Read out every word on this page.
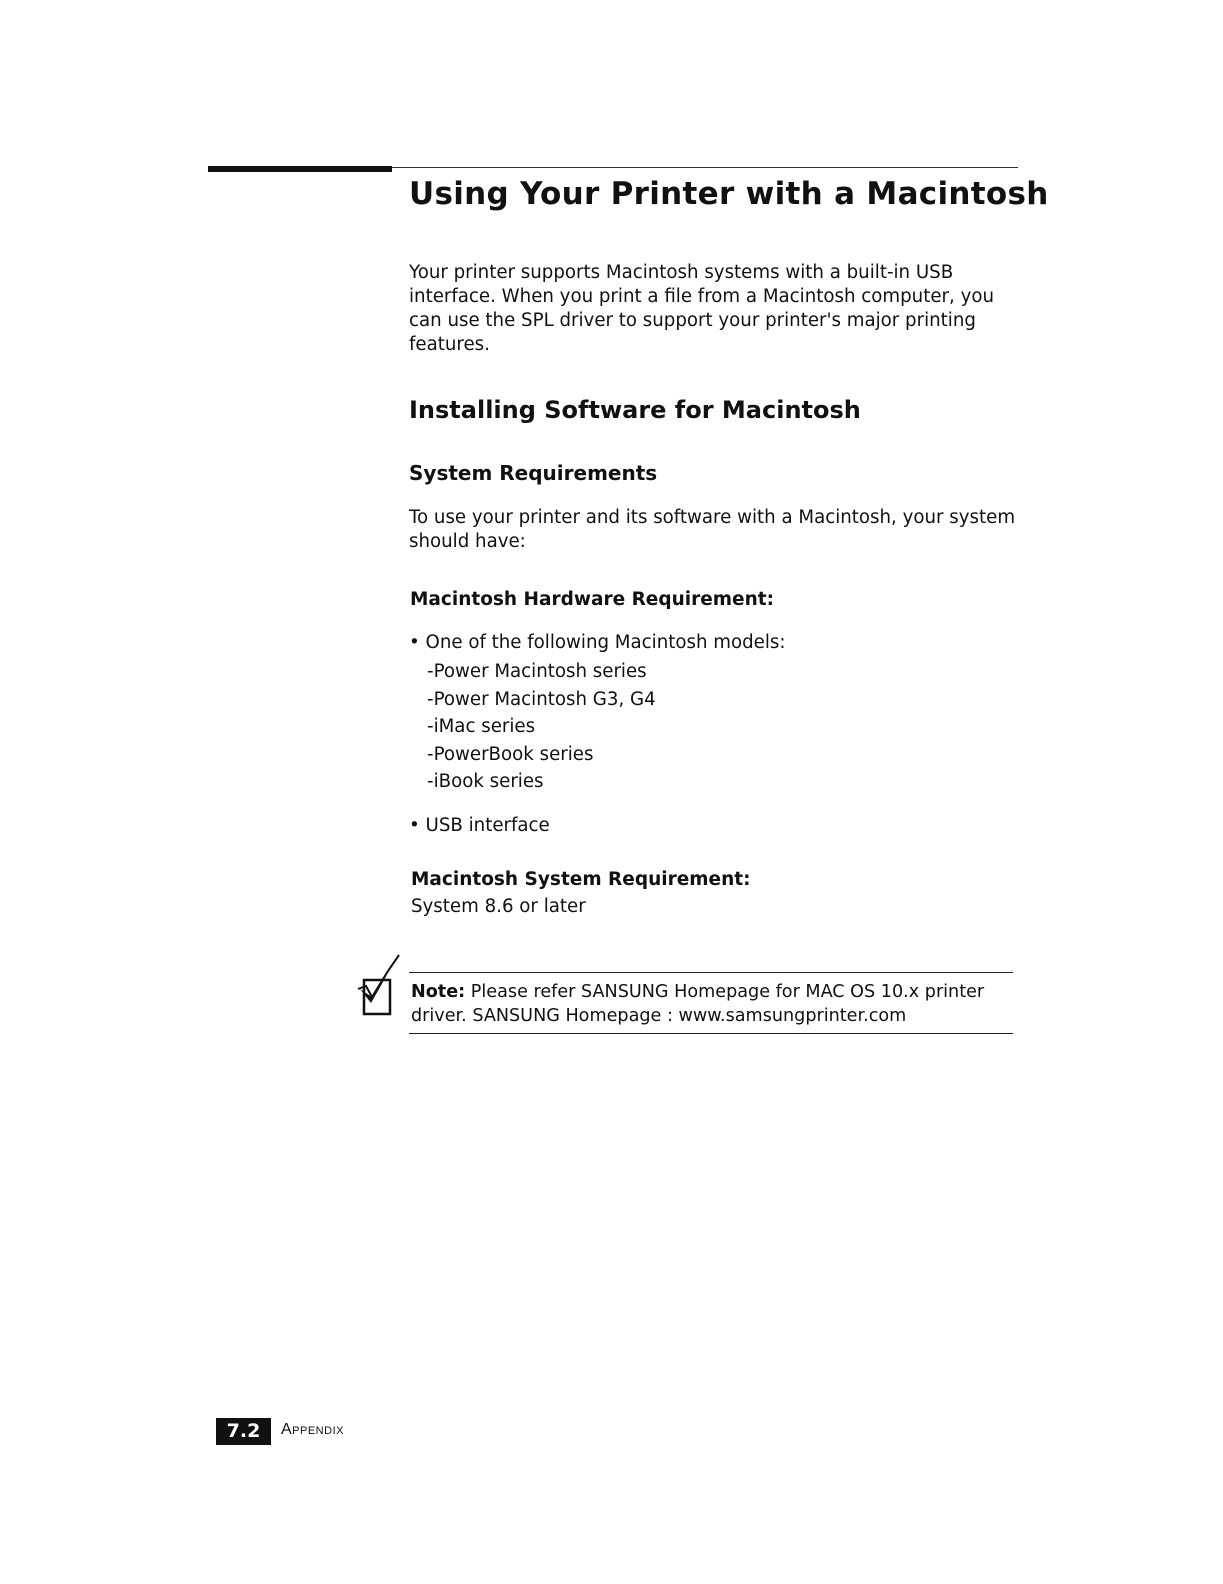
Using Your Printer with a Macintosh

Your printer supports Macintosh systems with a built-in USB interface. When you print a file from a Macintosh computer, you can use the SPL driver to support your printer's major printing features.

Installing Software for Macintosh
System Requirements

To use your printer and its software with a Macintosh, your system should have:

Macintosh Hardware Requirement:
• One of the following Macintosh models:
-Power Macintosh series
-Power Macintosh G3, G4
-iMac series
-PowerBook series
-iBook series
• USB interface
Macintosh System Requirement:
System 8.6 or later

Note: Please refer SANSUNG Homepage for MAC OS 10.x printer driver. SANSUNG Homepage : www.samsungprinter.com

7.2	Appendix
